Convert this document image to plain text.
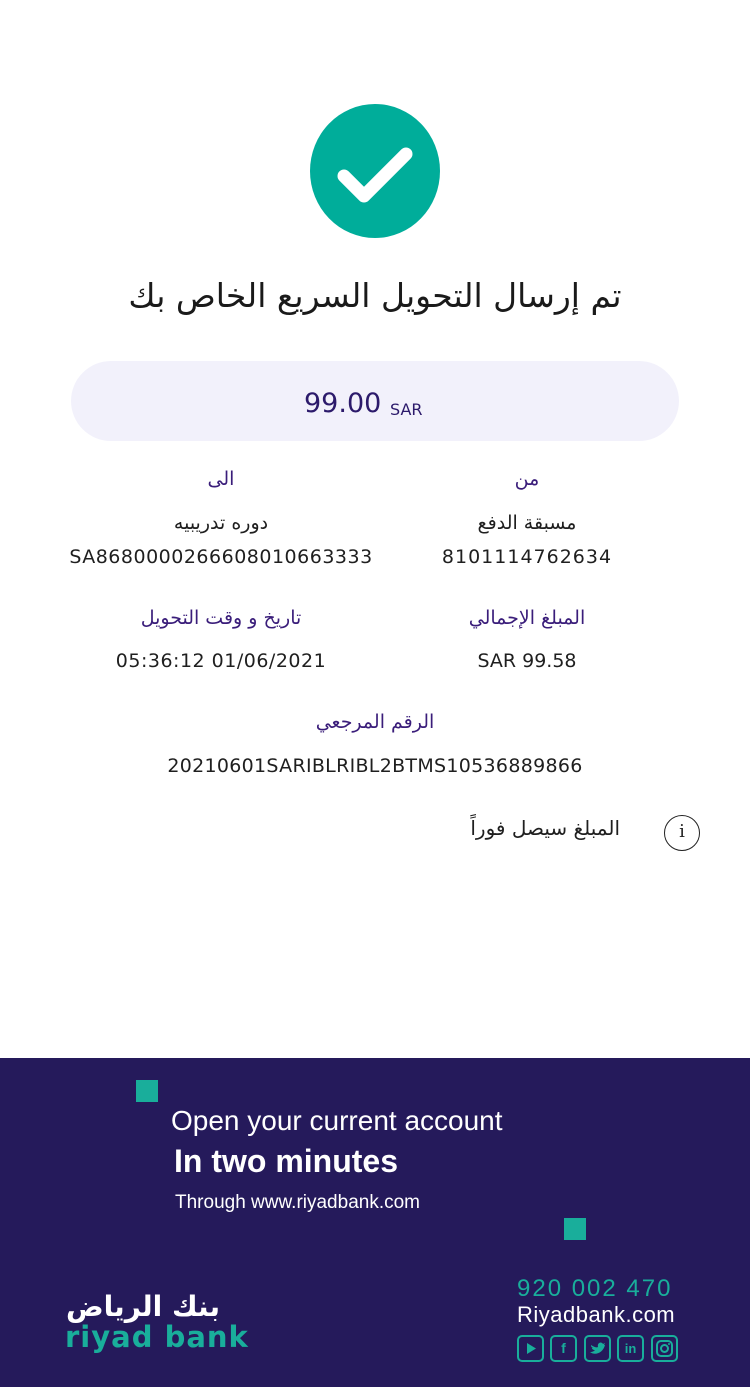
تم إرسال التحويل السريع الخاص بك
99.00 SAR
من
مسبقة الدفع
8101114762634
الى
دوره تدريبيه
SA8680000266608010663333
المبلغ الإجمالي
SAR 99.58
تاريخ و وقت التحويل
05:36:12 01/06/2021
الرقم المرجعي
20210601SARIBLRIBL2BTMS10536889866
i
المبلغ سيصل فوراً
Open your current account
In two minutes
Through www.riyadbank.com
بنك الرياض
riyad bank
920 002 470
Riyadbank.com
f	in
